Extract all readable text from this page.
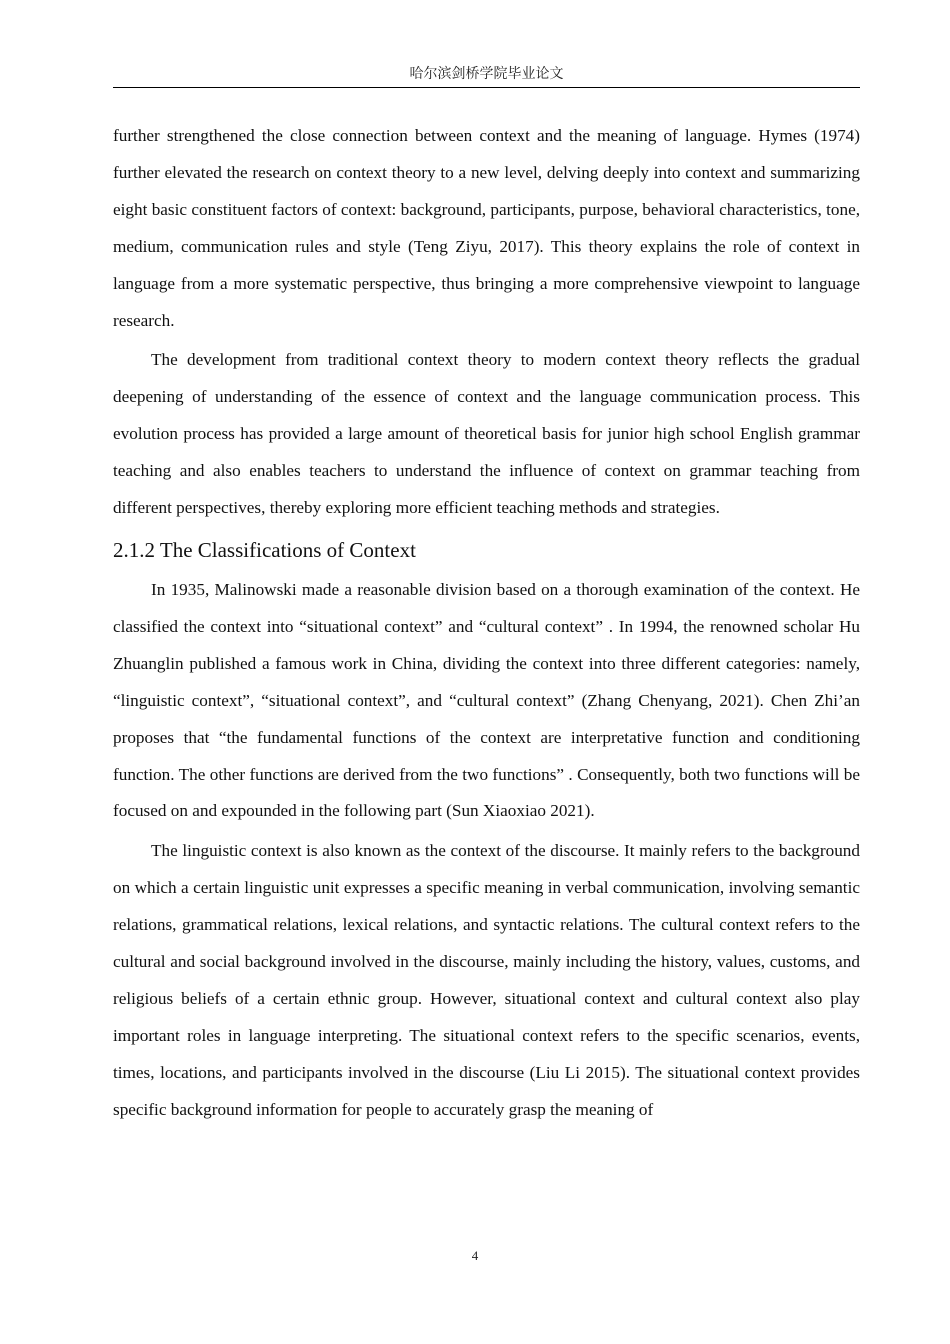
哈尔滨剑桥学院毕业论文

further strengthened the close connection between context and the meaning of language. Hymes (1974) further elevated the research on context theory to a new level, delving deeply into context and summarizing eight basic constituent factors of context: background, participants, purpose, behavioral characteristics, tone, medium, communication rules and style (Teng Ziyu, 2017). This theory explains the role of context in language from a more systematic perspective, thus bringing a more comprehensive viewpoint to language research.

The development from traditional context theory to modern context theory reflects the gradual deepening of understanding of the essence of context and the language communication process. This evolution process has provided a large amount of theoretical basis for junior high school English grammar teaching and also enables teachers to understand the influence of context on grammar teaching from different perspectives, thereby exploring more efficient teaching methods and strategies.

2.1.2 The Classifications of Context

In 1935, Malinowski made a reasonable division based on a thorough examination of the context. He classified the context into “situational context” and “cultural context” . In 1994, the renowned scholar Hu Zhuanglin published a famous work in China, dividing the context into three different categories: namely, “linguistic context”, “situational context”, and “cultural context” (Zhang Chenyang, 2021). Chen Zhi’an proposes that “the fundamental functions of the context are interpretative function and conditioning function. The other functions are derived from the two functions” . Consequently, both two functions will be focused on and expounded in the following part (Sun Xiaoxiao 2021).

The linguistic context is also known as the context of the discourse. It mainly refers to the background on which a certain linguistic unit expresses a specific meaning in verbal communication, involving semantic relations, grammatical relations, lexical relations, and syntactic relations. The cultural context refers to the cultural and social background involved in the discourse, mainly including the history, values, customs, and religious beliefs of a certain ethnic group. However, situational context and cultural context also play important roles in language interpreting. The situational context refers to the specific scenarios, events, times, locations, and participants involved in the discourse (Liu Li 2015). The situational context provides specific background information for people to accurately grasp the meaning of

4
